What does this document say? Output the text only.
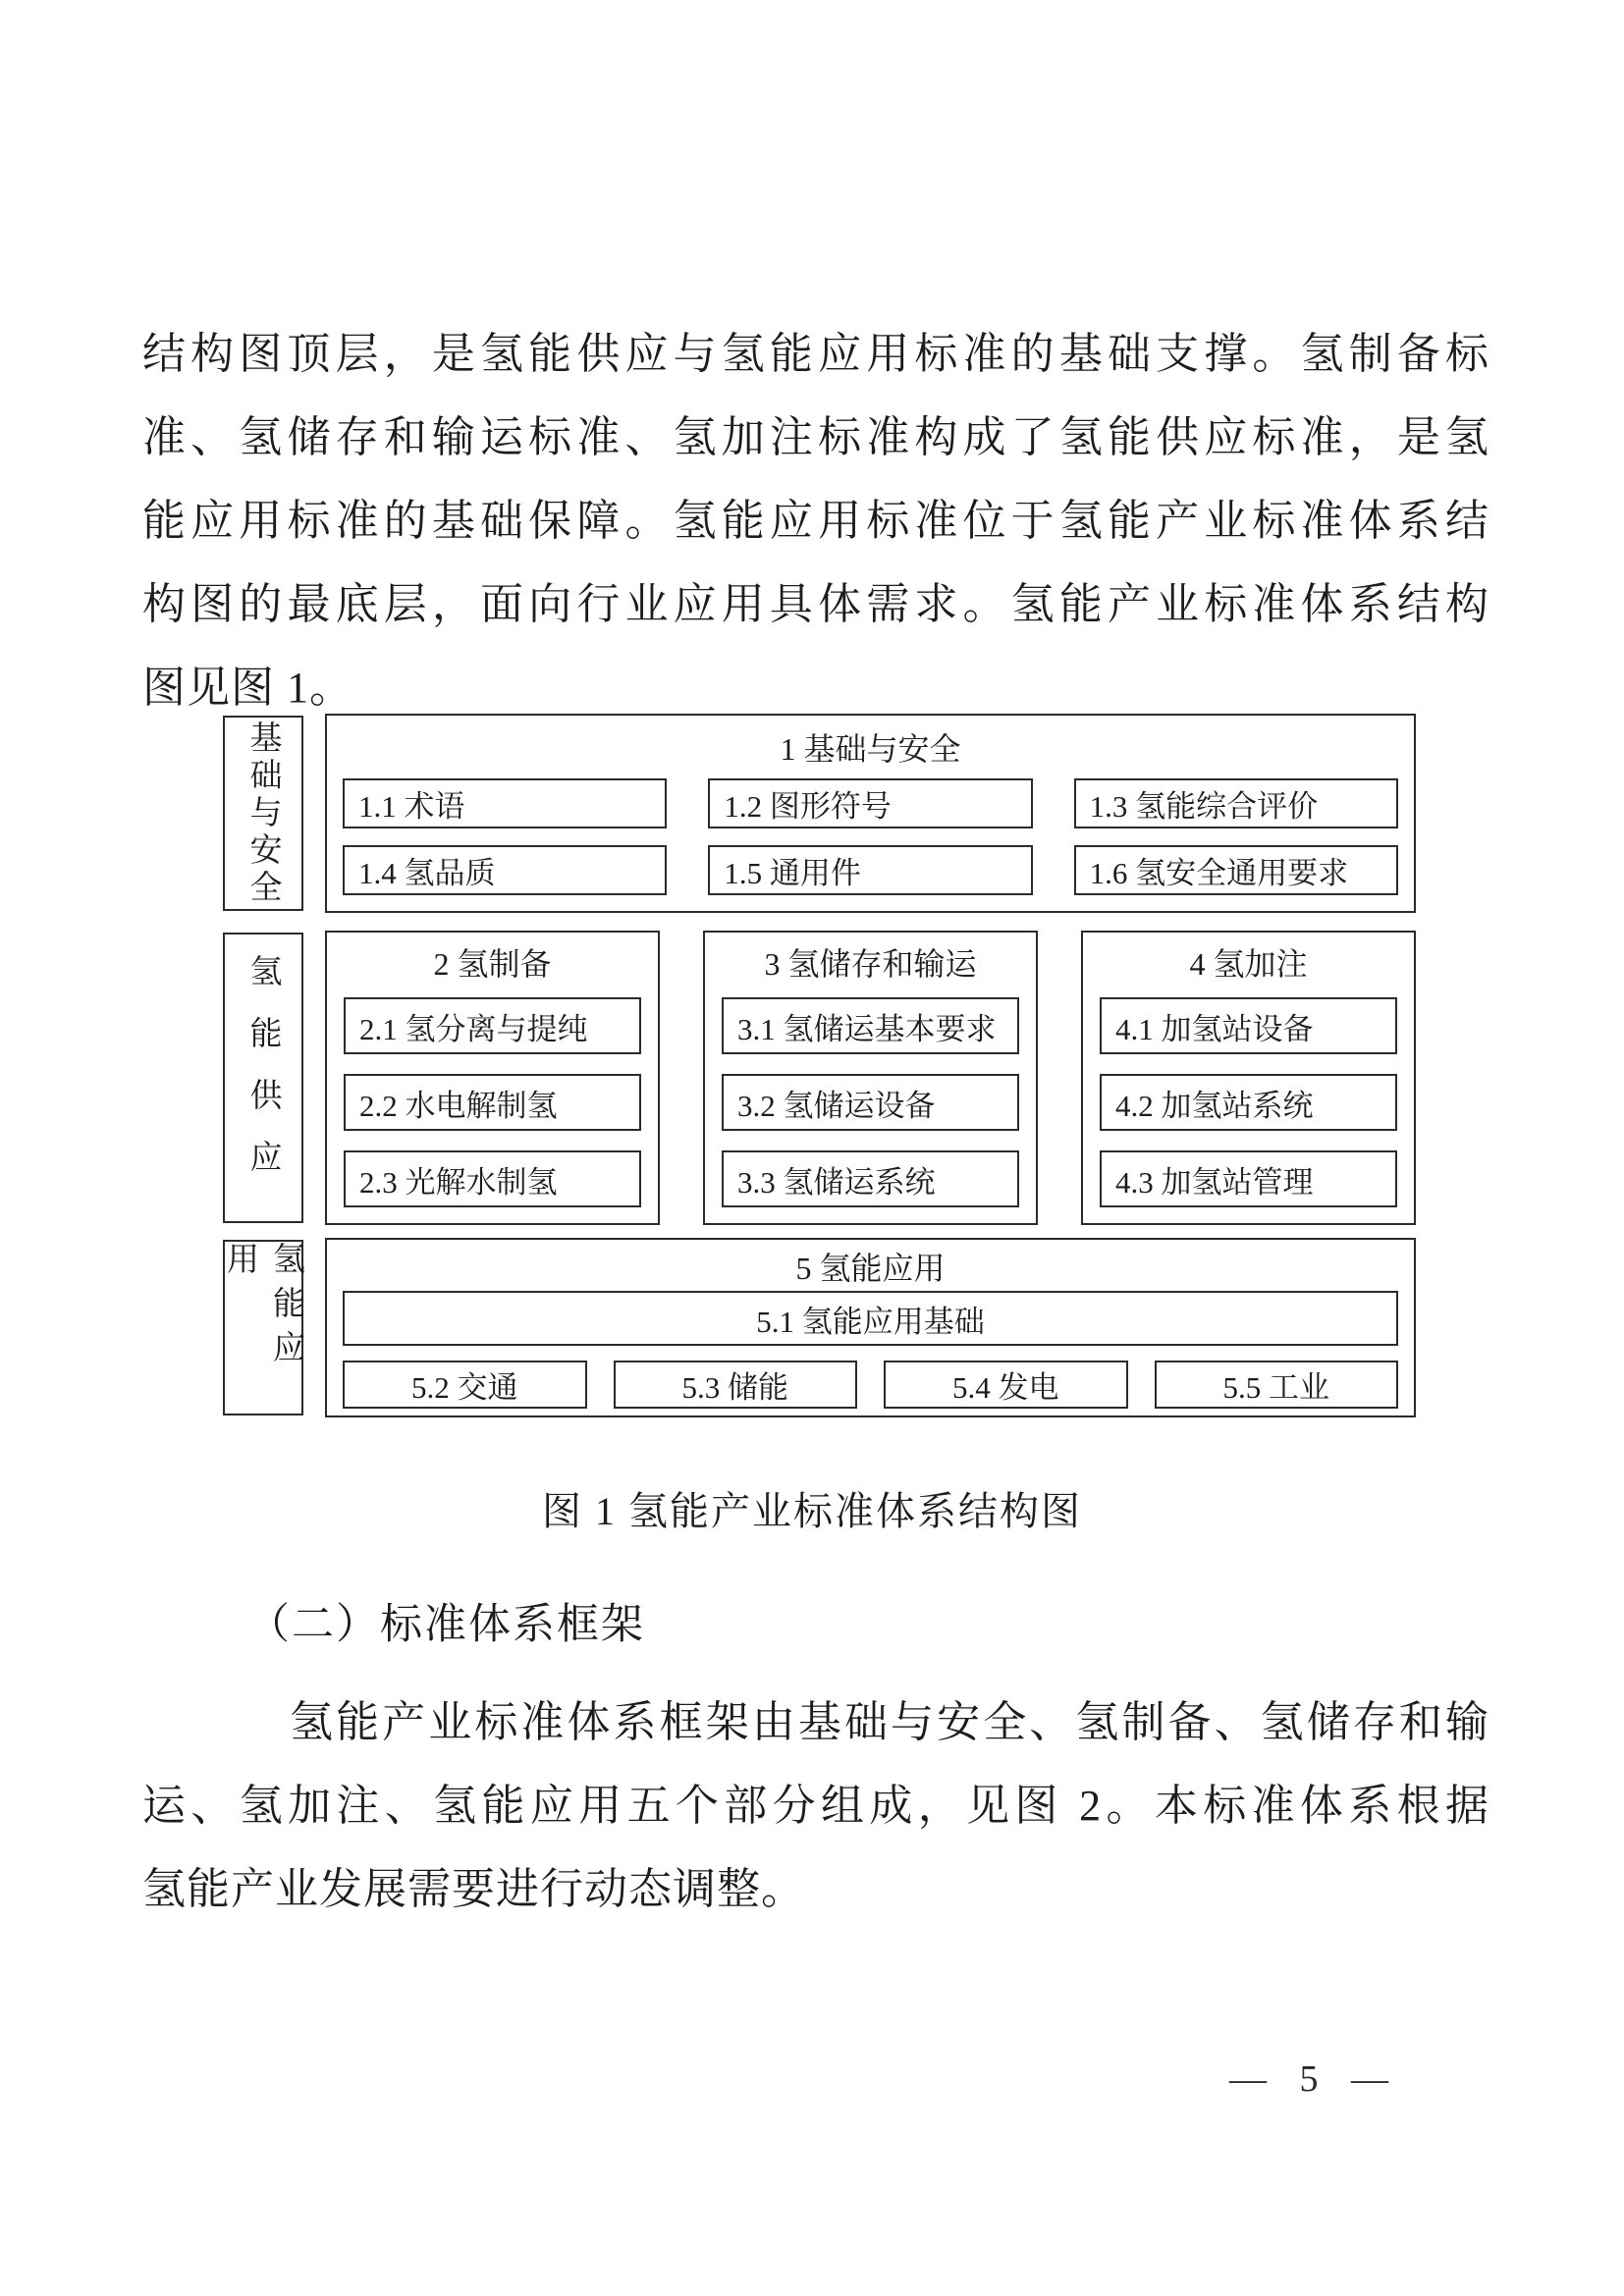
结构图顶层，是氢能供应与氢能应用标准的基础支撑。氢制备标
准、氢储存和输运标准、氢加注标准构成了氢能供应标准，是氢
能应用标准的基础保障。氢能应用标准位于氢能产业标准体系结
构图的最底层，面向行业应用具体需求。氢能产业标准体系结构
图见图 1。
基础与安全	1 基础与安全
1.1 术语	1.2 图形符号	1.3 氢能综合评价
1.4 氢品质	1.5 通用件	1.6 氢安全通用要求
氢能供应	2 氢制备
2.1 氢分离与提纯
2.2 水电解制氢
2.3 光解水制氢
3 氢储存和输运
3.1 氢储运基本要求
3.2 氢储运设备
3.3 氢储运系统
4 氢加注
4.1 加氢站设备
4.2 加氢站系统
4.3 加氢站管理
氢能应用	5 氢能应用
5.1 氢能应用基础
5.2 交通	5.3 储能	5.4 发电	5.5 工业
图 1 氢能产业标准体系结构图
（二）标准体系框架
氢能产业标准体系框架由基础与安全、氢制备、氢储存和输
运、氢加注、氢能应用五个部分组成，见图 2。本标准体系根据
氢能产业发展需要进行动态调整。
— 5 —
